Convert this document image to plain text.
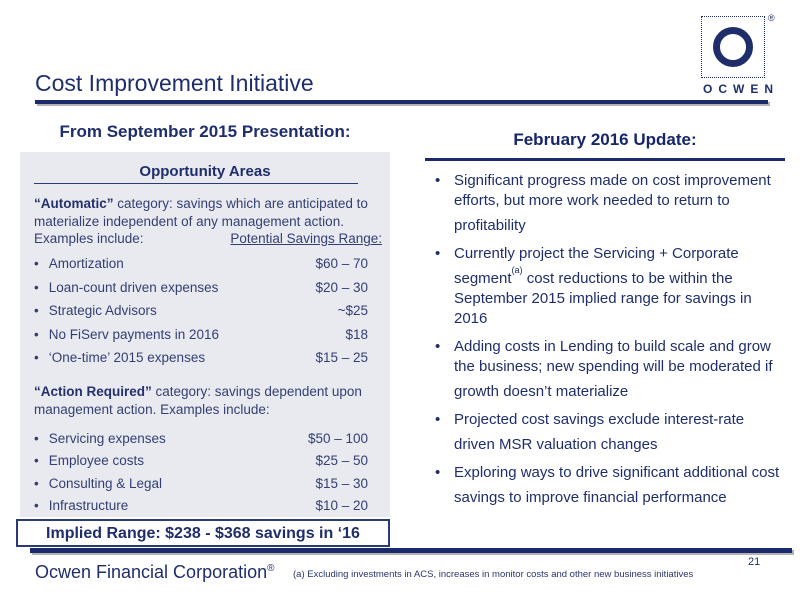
Cost Improvement Initiative
®
OCWEN
From September 2015 Presentation:
Opportunity Areas
“Automatic” category: savings which are anticipated to materialize independent of any management action.
Examples include:	Potential Savings Range:
• Amortization	$60 – 70
• Loan-count driven expenses	$20 – 30
• Strategic Advisors	~$25
• No FiServ payments in 2016	$18
• ‘One-time’ 2015 expenses	$15 – 25
“Action Required” category: savings dependent upon management action. Examples include:
• Servicing expenses	$50 – 100
• Employee costs	$25 – 50
• Consulting & Legal	$15 – 30
• Infrastructure	$10 – 20
Implied Range: $238 - $368 savings in ‘16
February 2016 Update:
• Significant progress made on cost improvement efforts, but more work needed to return to profitability
• Currently project the Servicing + Corporate segment$^{(a)}$ cost reductions to be within the September 2015 implied range for savings in 2016
• Adding costs in Lending to build scale and grow the business; new spending will be moderated if growth doesn’t materialize
• Projected cost savings exclude interest-rate driven MSR valuation changes
• Exploring ways to drive significant additional cost savings to improve financial performance
Ocwen Financial Corporation®
(a) Excluding investments in ACS, increases in monitor costs and other new business initiatives
21
